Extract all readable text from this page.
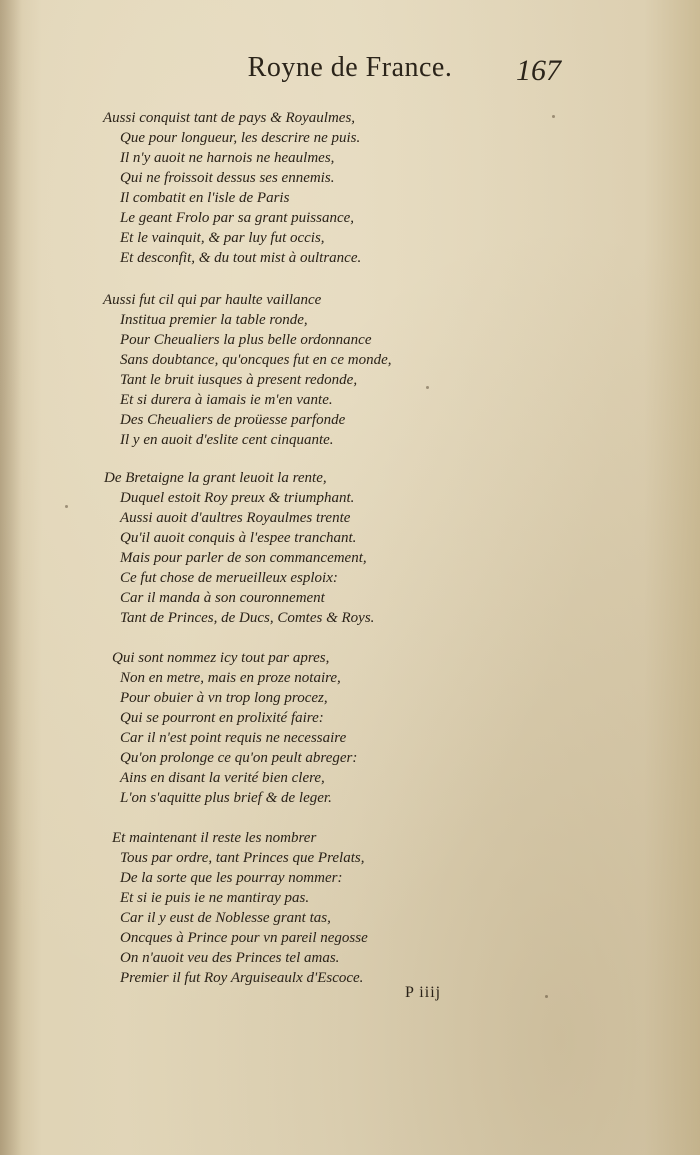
Royne de France.	167
Aussi conquist tant de pays & Royaulmes,
Que pour longueur, les descrire ne puis.
Il n'y auoit ne harnois ne heaulmes,
Qui ne froissoit dessus ses ennemis.
Il combatit en l'isle de Paris
Le geant Frolo par sa grant puissance,
Et le vainquit, & par luy fut occis,
Et desconfit, & du tout mist à oultrance.
Aussi fut cil qui par haulte vaillance
Institua premier la table ronde,
Pour Cheualiers la plus belle ordonnance
Sans doubtance, qu'oncques fut en ce monde,
Tant le bruit iusques à present redonde,
Et si durera à iamais ie m'en vante.
Des Cheualiers de proüesse parfonde
Il y en auoit d'eslite cent cinquante.
De Bretaigne la grant leuoit la rente,
Duquel estoit Roy preux & triumphant.
Aussi auoit d'aultres Royaulmes trente
Qu'il auoit conquis à l'espee tranchant.
Mais pour parler de son commancement,
Ce fut chose de merueilleux esploix:
Car il manda à son couronnement
Tant de Princes, de Ducs, Comtes & Roys.
Qui sont nommez icy tout par apres,
Non en metre, mais en proze notaire,
Pour obuier à vn trop long procez,
Qui se pourront en prolixité faire:
Car il n'est point requis ne necessaire
Qu'on prolonge ce qu'on peult abreger:
Ains en disant la verité bien clere,
L'on s'aquitte plus brief & de leger.
Et maintenant il reste les nombrer
Tous par ordre, tant Princes que Prelats,
De la sorte que les pourray nommer:
Et si ie puis ie ne mantiray pas.
Car il y eust de Noblesse grant tas,
Oncques à Prince pour vn pareil negosse
On n'auoit veu des Princes tel amas.
Premier il fut Roy Arguiseaulx d'Escoce.
P iiij
